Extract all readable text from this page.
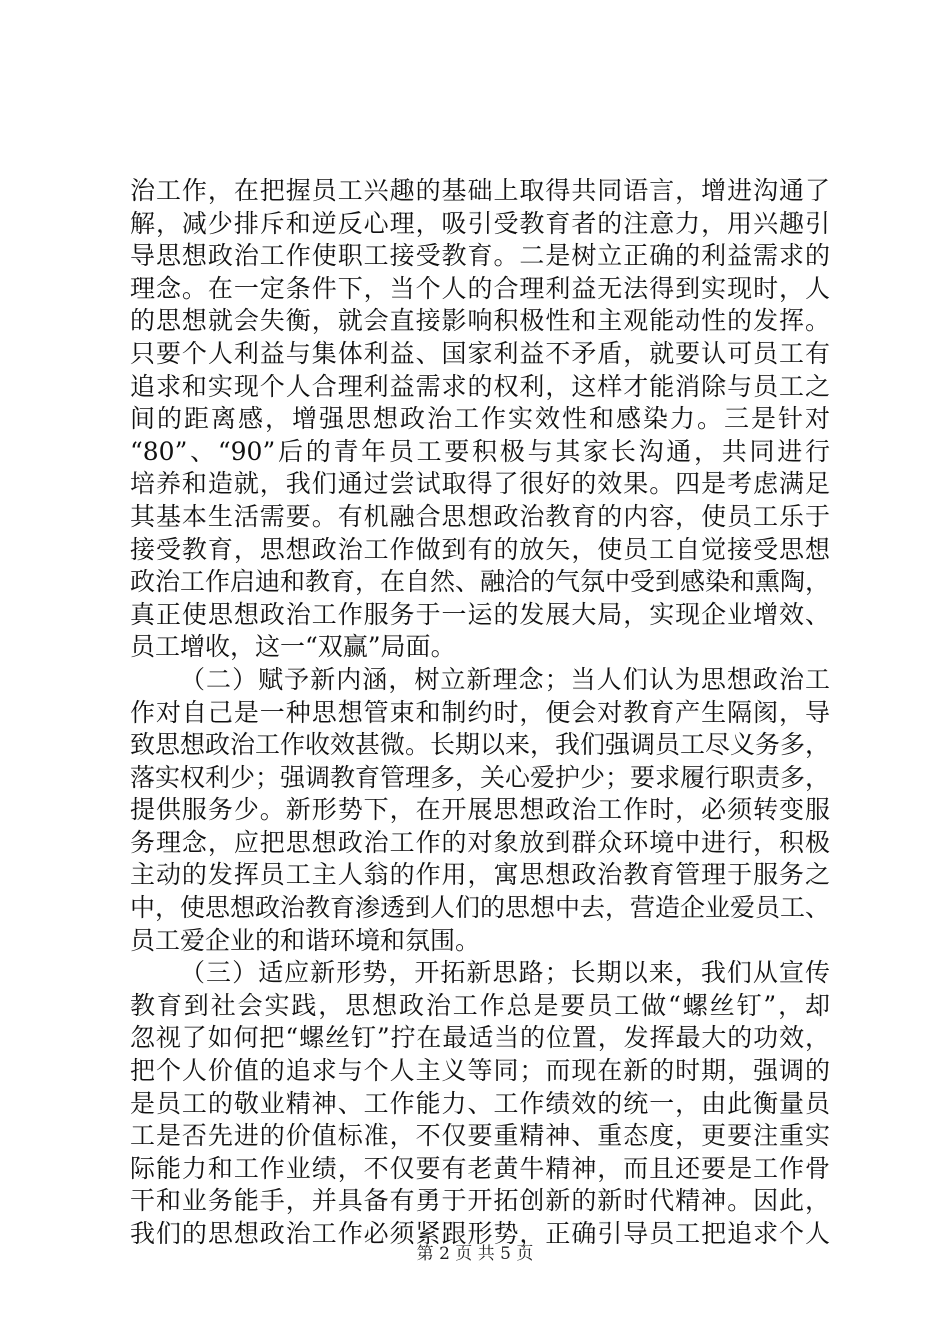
治工作，在把握员工兴趣的基础上取得共同语言，增进沟通了
解，减少排斥和逆反心理，吸引受教育者的注意力，用兴趣引
导思想政治工作使职工接受教育。二是树立正确的利益需求的
理念。在一定条件下，当个人的合理利益无法得到实现时，人
的思想就会失衡，就会直接影响积极性和主观能动性的发挥。
只要个人利益与集体利益、国家利益不矛盾，就要认可员工有
追求和实现个人合理利益需求的权利，这样才能消除与员工之
间的距离感，增强思想政治工作实效性和感染力。三是针对
“80”、“90”后的青年员工要积极与其家长沟通，共同进行
培养和造就，我们通过尝试取得了很好的效果。四是考虑满足
其基本生活需要。有机融合思想政治教育的内容，使员工乐于
接受教育，思想政治工作做到有的放矢，使员工自觉接受思想
政治工作启迪和教育，在自然、融洽的气氛中受到感染和熏陶，
真正使思想政治工作服务于一运的发展大局，实现企业增效、
员工增收，这一“双赢”局面。
（二）赋予新内涵，树立新理念；当人们认为思想政治工
作对自己是一种思想管束和制约时，便会对教育产生隔阂，导
致思想政治工作收效甚微。长期以来，我们强调员工尽义务多，
落实权利少；强调教育管理多，关心爱护少；要求履行职责多，
提供服务少。新形势下，在开展思想政治工作时，必须转变服
务理念，应把思想政治工作的对象放到群众环境中进行，积极
主动的发挥员工主人翁的作用，寓思想政治教育管理于服务之
中，使思想政治教育渗透到人们的思想中去，营造企业爱员工、
员工爱企业的和谐环境和氛围。
（三）适应新形势，开拓新思路；长期以来，我们从宣传
教育到社会实践，思想政治工作总是要员工做“螺丝钉”，却
忽视了如何把“螺丝钉”拧在最适当的位置，发挥最大的功效，
把个人价值的追求与个人主义等同；而现在新的时期，强调的
是员工的敬业精神、工作能力、工作绩效的统一，由此衡量员
工是否先进的价值标准，不仅要重精神、重态度，更要注重实
际能力和工作业绩，不仅要有老黄牛精神，而且还要是工作骨
干和业务能手，并具备有勇于开拓创新的新时代精神。因此，
我们的思想政治工作必须紧跟形势，正确引导员工把追求个人
第 2 页 共 5 页
